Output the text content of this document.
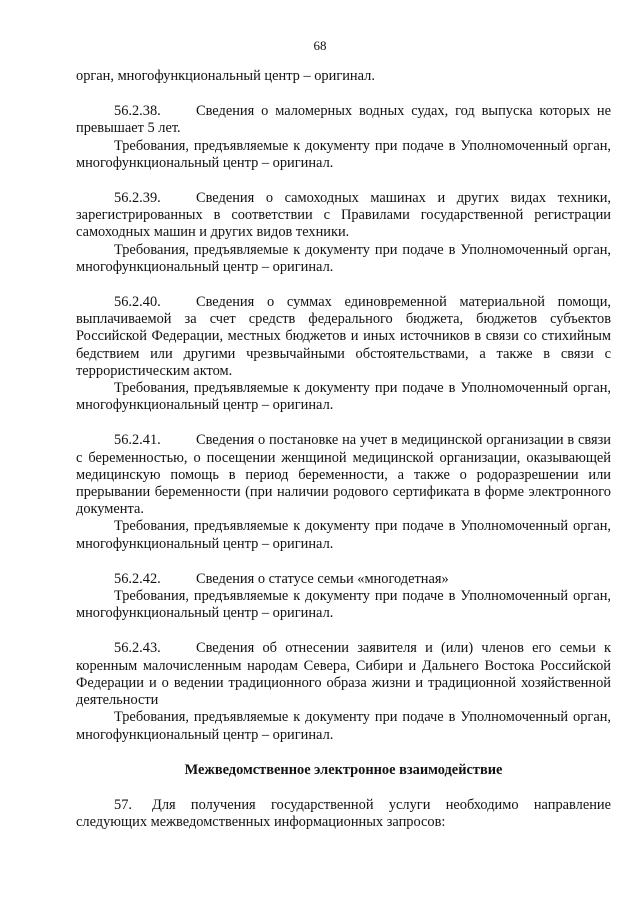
68

орган, многофункциональный центр – оригинал.

56.2.38. Сведения о маломерных водных судах, год выпуска которых не превышает 5 лет.

Требования, предъявляемые к документу при подаче в Уполномоченный орган, многофункциональный центр – оригинал.

56.2.39. Сведения о самоходных машинах и других видах техники, зарегистрированных в соответствии с Правилами государственной регистрации самоходных машин и других видов техники.

Требования, предъявляемые к документу при подаче в Уполномоченный орган, многофункциональный центр – оригинал.

56.2.40. Сведения о суммах единовременной материальной помощи, выплачиваемой за счет средств федерального бюджета, бюджетов субъектов Российской Федерации, местных бюджетов и иных источников в связи со стихийным бедствием или другими чрезвычайными обстоятельствами, а также в связи с террористическим актом.

Требования, предъявляемые к документу при подаче в Уполномоченный орган, многофункциональный центр – оригинал.

56.2.41. Сведения о постановке на учет в медицинской организации в связи с беременностью, о посещении женщиной медицинской организации, оказывающей медицинскую помощь в период беременности, а также о родоразрешении или прерывании беременности (при наличии родового сертификата в форме электронного документа.

Требования, предъявляемые к документу при подаче в Уполномоченный орган, многофункциональный центр – оригинал.

56.2.42. Сведения о статусе семьи «многодетная»

Требования, предъявляемые к документу при подаче в Уполномоченный орган, многофункциональный центр – оригинал.

56.2.43. Сведения об отнесении заявителя и (или) членов его семьи к коренным малочисленным народам Севера, Сибири и Дальнего Востока Российской Федерации и о ведении традиционного образа жизни и традиционной хозяйственной деятельности

Требования, предъявляемые к документу при подаче в Уполномоченный орган, многофункциональный центр – оригинал.

Межведомственное электронное взаимодействие

57. Для получения государственной услуги необходимо направление следующих межведомственных информационных запросов:
